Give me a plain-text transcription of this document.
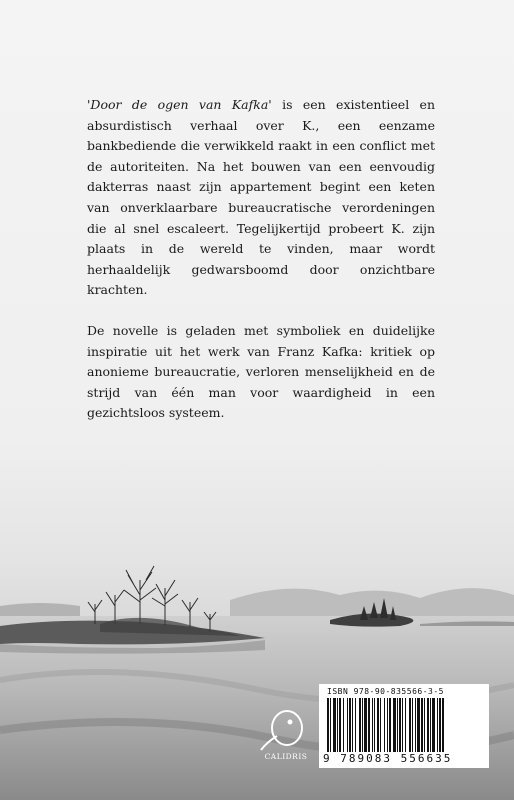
'Door de ogen van Kafka' is een existentieel en absurdistisch verhaal over K., een eenzame bankbediende die verwikkeld raakt in een conflict met de autoriteiten. Na het bouwen van een eenvoudig dakterras naast zijn appartement begint een keten van onverklaarbare bureaucratische verordeningen die al snel escaleert. Tegelijkertijd probeert K. zijn plaats in de wereld te vinden, maar wordt herhaaldelijk gedwarsboomd door onzichtbare krachten.

De novelle is geladen met symboliek en duidelijke inspiratie uit het werk van Franz Kafka: kritiek op anonieme bureaucratie, verloren menselijkheid en de strijd van één man voor waardigheid in een gezichtsloos systeem.

CALIDRIS
ISBN 978-90-835566-3-5
9 789083 556635
